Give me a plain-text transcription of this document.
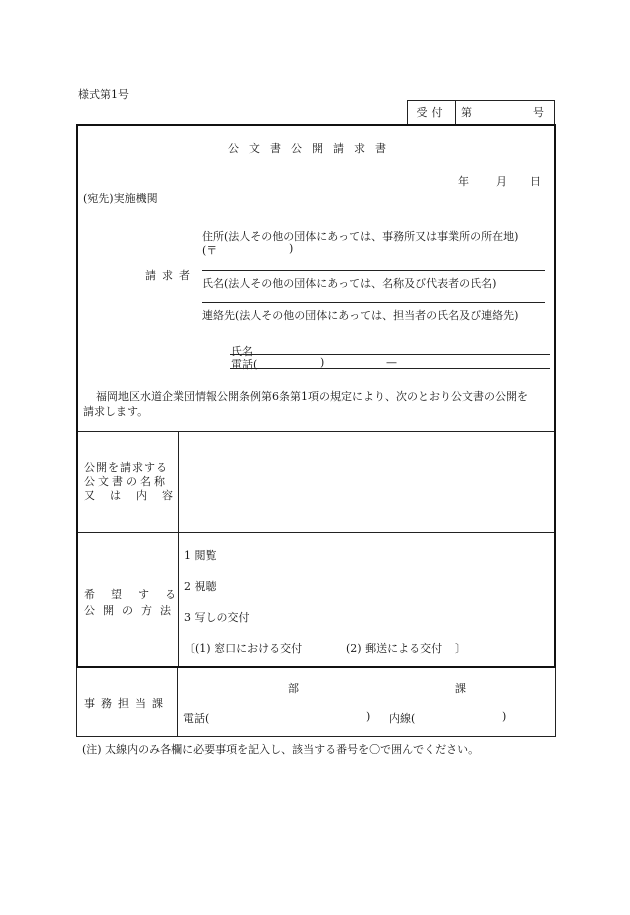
様式第1号
受付	第	号
公文書公開請求書
年 月 日
(宛先)実施機関
請求者
住所(法人その他の団体にあっては、事務所又は事業所の所在地)
(〒	)
氏名(法人その他の団体にあっては、名称及び代表者の氏名)
連絡先(法人その他の団体にあっては、担当者の氏名及び連絡先)
氏名
電話(	)	—
福岡地区水道企業団情報公開条例第6条第1項の規定により、次のとおり公文書の公開を
請求します。
公開を請求する
公文書の名称
又は内容
希望する
公開の方法
1 閲覧
2 視聴
3 写しの交付
〔 (1) 窓口における交付	(2) 郵送による交付 〕
事務担当課
部	課
電話(	) 内線(	)
(注) 太線内のみ各欄に必要事項を記入し、該当する番号を〇で囲んでください。
